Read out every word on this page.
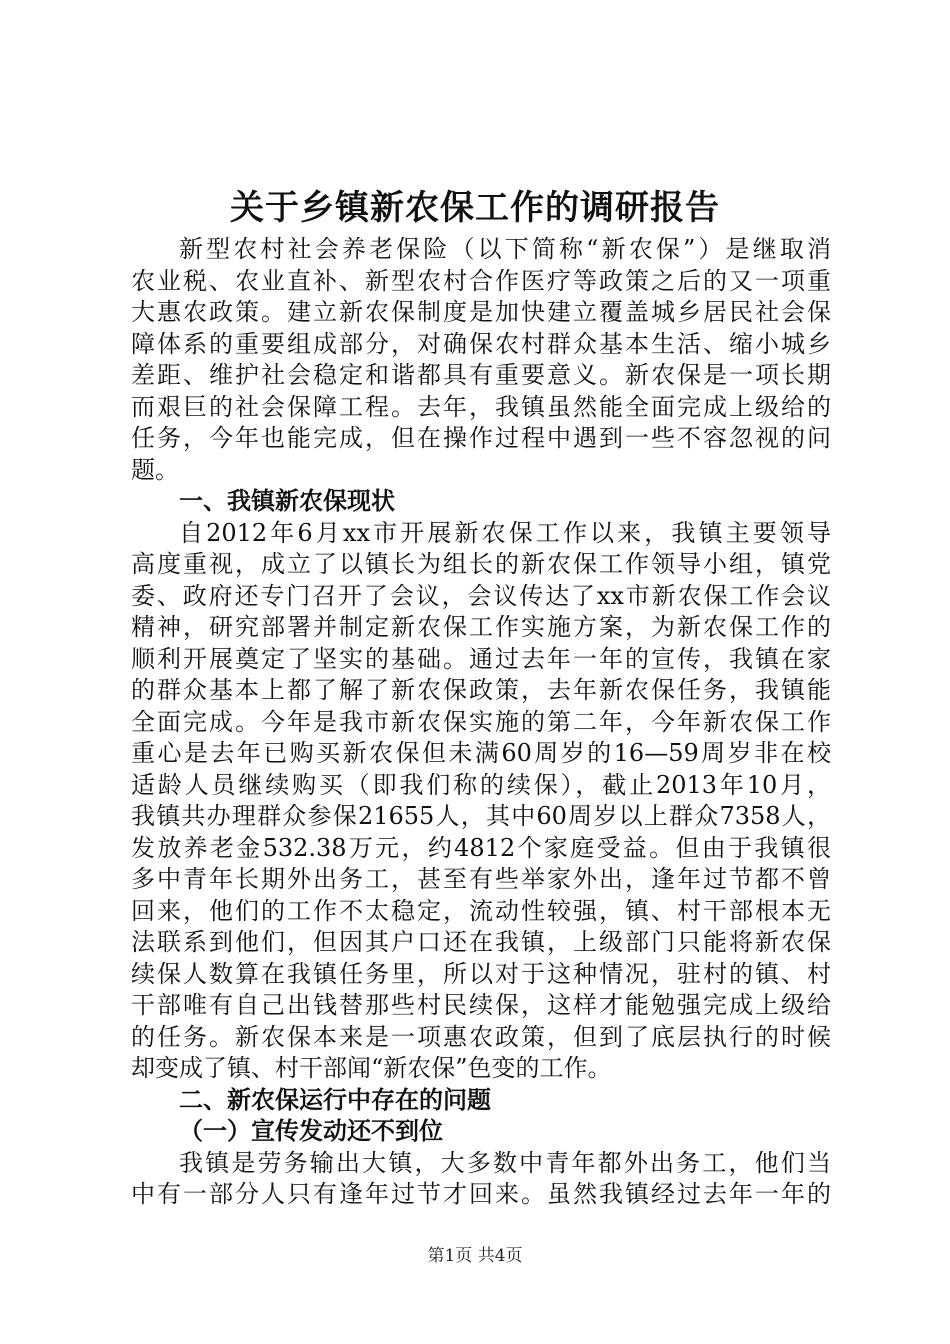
关于乡镇新农保工作的调研报告
新型农村社会养老保险（以下简称“新农保”）是继取消
农业税、农业直补、新型农村合作医疗等政策之后的又一项重
大惠农政策。建立新农保制度是加快建立覆盖城乡居民社会保
障体系的重要组成部分，对确保农村群众基本生活、缩小城乡
差距、维护社会稳定和谐都具有重要意义。新农保是一项长期
而艰巨的社会保障工程。去年，我镇虽然能全面完成上级给的
任务，今年也能完成，但在操作过程中遇到一些不容忽视的问
题。
一、我镇新农保现状
自2012年6月xx市开展新农保工作以来，我镇主要领导
高度重视，成立了以镇长为组长的新农保工作领导小组，镇党
委、政府还专门召开了会议，会议传达了xx市新农保工作会议
精神，研究部署并制定新农保工作实施方案，为新农保工作的
顺利开展奠定了坚实的基础。通过去年一年的宣传，我镇在家
的群众基本上都了解了新农保政策，去年新农保任务，我镇能
全面完成。今年是我市新农保实施的第二年，今年新农保工作
重心是去年已购买新农保但未满60周岁的16—59周岁非在校
适龄人员继续购买（即我们称的续保），截止2013年10月，
我镇共办理群众参保21655人，其中60周岁以上群众7358人，
发放养老金532.38万元，约4812个家庭受益。但由于我镇很
多中青年长期外出务工，甚至有些举家外出，逢年过节都不曾
回来，他们的工作不太稳定，流动性较强，镇、村干部根本无
法联系到他们，但因其户口还在我镇，上级部门只能将新农保
续保人数算在我镇任务里，所以对于这种情况，驻村的镇、村
干部唯有自己出钱替那些村民续保，这样才能勉强完成上级给
的任务。新农保本来是一项惠农政策，但到了底层执行的时候
却变成了镇、村干部闻“新农保”色变的工作。
二、新农保运行中存在的问题
（一）宣传发动还不到位
我镇是劳务输出大镇，大多数中青年都外出务工，他们当
中有一部分人只有逢年过节才回来。虽然我镇经过去年一年的
第1页 共4页
